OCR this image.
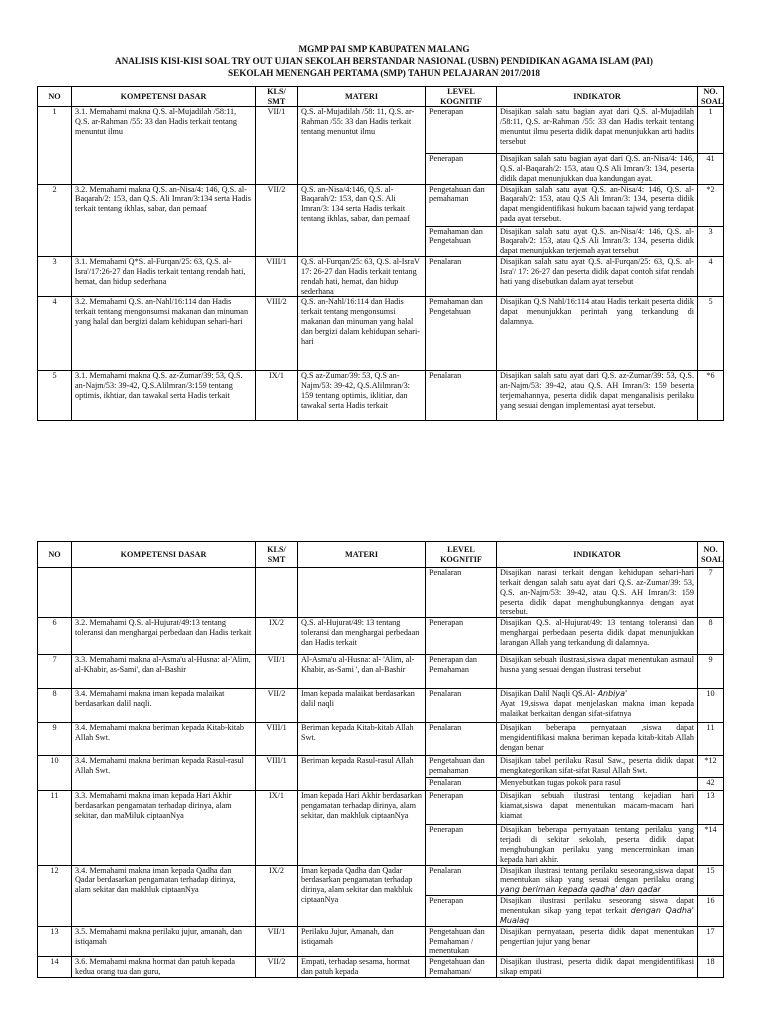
MGMP PAI SMP KABUPATEN MALANG
ANALISIS KISI-KISI SOAL TRY OUT UJIAN SEKOLAH BERSTANDAR NASIONAL (USBN) PENDIDIKAN AGAMA ISLAM (PAI)
SEKOLAH MENENGAH PERTAMA (SMP) TAHUN PELAJARAN 2017/2018
NO	KOMPETENSI DASAR	KLS/ SMT	MATERI	LEVEL KOGNITIF	INDIKATOR	NO. SOAL
1	3.1. Memahami makna Q.S. al-Mujadilah /58:11, Q.S. ar-Rahman /55: 33 dan Hadis terkait tentang menuntut ilmu	VII/1	Q.S. al-Mujadilah /58: 11, Q.S. ar-Rahman /55: 33 dan Hadis terkait tentang menuntut ilmu	Penerapan	Disajikan salah satu bagian ayat dari Q.S. al-Mujadilah /58:11, Q.S. ar-Rahman /55: 33 dan Hadis terkait tentang menuntut ilmu peserta didik dapat menunjukkan arti hadits tersebut	1
				Penerapan	Disajikan salah satu bagian ayat dari Q.S. an-Nisa/4: 146, Q.S. al-Baqarah/2: 153, atau Q.S Ali Imran/3: 134, peserta didik dapat menunjukkan dua kandungan ayat.	41
2	3.2. Memahami makna Q.S. an-Nisa/4: 146, Q.S. al-Baqarah/2: 153, dan Q.S. Ali Imran/3:134 serta Hadis terkait tentang ikhlas, sabar, dan pemaaf	VII/2	Q.S. an-Nisa/4:146, Q.S. al-Baqarah/2: 153, dan Q.S. Ali Imran/3: 134 serta Hadis terkait tentang ikhlas, sabar, dan pemaaf	Pengetahuan dan pemahaman	Disajikan salah satu ayat Q.S. an-Nisa/4: 146, Q.S. al-Baqarah/2: 153, atau Q.S Ali Imran/3: 134, peserta didik dapat mengidentifikasi hukum bacaan tajwid yang terdapat pada ayat tersebut.	*2
				Pemahaman dan Pengetahuan	Disajikan salah satu ayat Q.S. an-Nisa/4: 146, Q.S. al-Baqarah/2: 153, atau Q.S Ali Imran/3: 134, peserta didik dapat menunjukkan terjemah ayat tersebut	3
3	3.1. Memahami Q*S. al-Furqan/25: 63, Q.S. al-Isra'/17:26-27 dan Hadis terkait tentang rendah hati, hemat, dan hidup sederhana	VIII/1	Q.S. al-Furqan/25: 63, Q.S. al-IsraV 17: 26-27 dan Hadis terkait tentang rendah hati, hemat, dan hidup sederhana	Penalaran	Disajikan salah satu ayat Q.S. al-Furqan/25: 63, Q.S. al-Isra'/ 17: 26-27 dan peserta didik dapat contoh sifat rendah hati yang disebutkan dalam ayat tersebut	4
4	3.2. Memahami Q.S. an-Nahl/16:114 dan Hadis terkait tentang mengonsumsi makanan dan minuman yang halal dan bergizi dalam kehidupan sehari-hari	VIII/2	Q.S. an-Nahl/16:114 dan Hadis terkait tentang mengonsumsi makanan dan minuman yang halal dan bergizi dalam kehidupan sehari-hari	Pemahaman dan Pengetahuan	Disajikan Q.S Nahl/16:114 atau Hadis terkait peserta didik dapat menunjukkan perintah yang terkandung di dalamnya.	5
5	3.1. Memahami makna Q.S. az-Zumar/39: 53, Q.S. an-Najm/53: 39-42, Q.S.Alilmran/3:159 tentang optimis, ikhtiar, dan tawakal serta Hadis terkait	IX/1	Q.S az-Zumar/39: 53, Q.S an-Najm/53: 39-42, Q.S.Alilmran/3: 159 tentang optimis, iklitiar, dan tawakal serta Hadis terkait	Penalaran	Disajikan salah satu ayat dari Q.S. az-Zumar/39: 53, Q.S. an-Najm/53: 39-42, atau Q.S. AH Imran/3: 159 beserta terjemahannya, peserta didik dapat menganalisis perilaku yang sesuai dengan implementasi ayat tersebut.	*6
NO	KOMPETENSI DASAR	KLS/ SMT	MATERI	LEVEL KOGNITIF	INDIKATOR	NO. SOAL
				Penalaran	Disajikan narasi terkait dengan kehidupan sehari-hari terkait dengan salah satu ayat dari Q.S. az-Zumar/39: 53, Q.S. an-Najm/53: 39-42, atau Q.S. AH Imran/3: 159 peserta didik dapat menghubungkannya dengan ayat tersebut.	7
6	3.2. Memahami Q.S. al-Hujurat/49:13 tentang toleransi dan menghargai perbedaan dan Hadis terkait	IX/2	Q.S. al-Hujurat/49: 13 tentang toleransi dan menghargai perbedaan dan Hadis terkait	Penerapan	Disajikan Q.S. al-Hujurat/49: 13 tentang toleransi dan menghargai perbedaan peserta didik dapat menunjukkan larangan Allah yang terkandung di dalamnya.	8
7	3.3. Memahami makna al-Asma'u al-Husna: al-'Alim, al-Khabir, as-Sami', dan al-Bashir	VII/1	Al-Asma'u al-Husna: al- 'Alim, al-Khabir, as-Sami ', dan al-Bashir	Penerapan dan Pemahaman	Disajikan sebuah ilustrasi,siswa dapat menentukan asmaul husna yang sesuai dengan ilustrasi tersebut	9
8	3.4. Memahami makna iman kepada malaikat berdasarkan dalil naqli.	VII/2	Iman kepada malaikat berdasarkan dalil naqli	Penalaran	Disajikan Dalil Naqli QS.Al- Anbiya'
Ayat 19,siswa dapat menjelaskan makna iman kepada malaikat berkaitan dengan sifat-sifatnya	10
9	3.4. Memahami makna beriman kepada Kitab-kitab Allah Swt.	VIII/1	Beriman kepada Kitab-kitab Allah Swt.	Penalaran	Disajikan beberapa pernyataan ,siswa dapat mengidentifikasi makna beriman kepada kitab-kitab Allah dengan benar	11
10	3.4. Memahami makna beriman kepada Rasul-rasul Allah Swt.	VIII/1	Beriman kepada Rasul-rasul Allah	Pengetahuan dan pemahaman	Disajikan tabel perilaku Rasul Saw., peserta didik dapat mengkategorikan sifat-sifat Rasul Allah Swt.	*12
				Penalaran	Menyebutkan tugas pokok para rasul	42
11	3.3. Memahami makna iman kepada Hari Akhir berdasarkan pengamatan terhadap dirinya, alam sekitar, dan maMiluk ciptaanNya	IX/1	Iman kepada Hari Akhir berdasarkan pengamatan terhadap dirinya, alam sekitar, dan makhluk ciptaanNya	Penerapan	Disajikan sebuah ilustrasi tentang kejadian hari kiamat,siswa dapat menentukan macam-macam hari kiamat	13
				Penerapan	Disajikan beberapa pernyataan tentang perilaku yang terjadi di sekitar sekolah, peserta didik dapat menghubungkan perilaku yang mencerminkan iman kepada hari akhir.	*14
12	3.4. Memahami makna iman kepada Qadha dan Qadar berdasarkan pengamatan terhadap dirinya, alam sekitar dan makhluk ciptaanNya	IX/2	Iman kepada Qadha dan Qadar berdasarkan pengamatan terhadap dirinya, alam sekitar dan makhluk ciptaanNya	Penalaran	Disajikan ilustrasi tentang perilaku seseorang,siswa dapat menentukan sikap yang sesuai dengan perilaku orang yang beriman kepada qadha' dan qadar	15
				Penerapan	Disajikan ilustrasi perilaku seseorang siswa dapat menentukan sikap yang tepat terkait dengan Qadha' Mualaq	16
13	3.5. Memahami makna perilaku jujur, amanah, dan istiqamah	VII/1	Perilaku Jujur, Amanah, dan istiqamah	Pengetahuan dan Pemahaman / menentukan	Disajikan pernyataan, peserta didik dapat menentukan pengertian jujur yang benar	17
14	3.6. Memahami makna hormat dan patuh kepada kedua orang tua dan guru,	VII/2	Empati, terhadap sesama, hormat dan patuh kepada	Pengetahuan dan Pemahaman/	Disajikan ilustrasi, peserta didik dapat mengidentifikasi sikap empati	18
